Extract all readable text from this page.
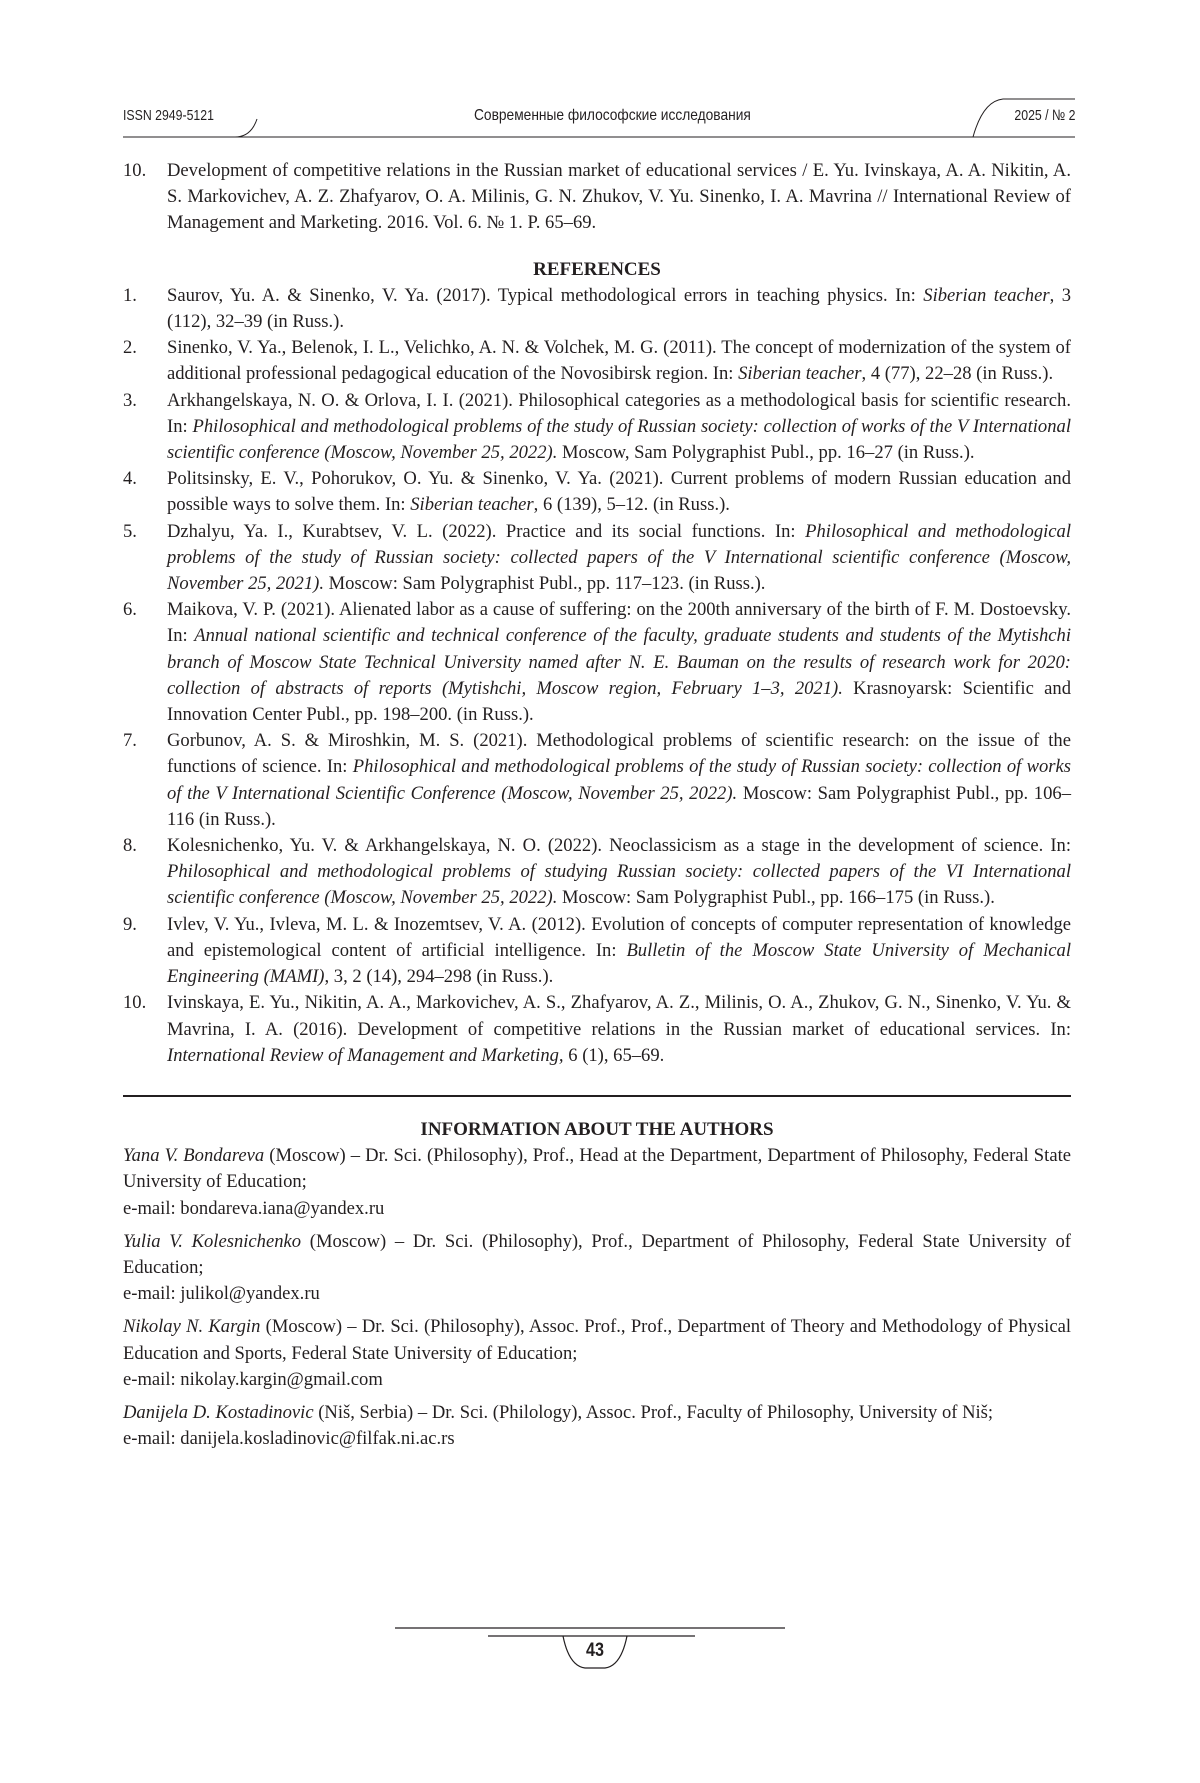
ISSN 2949-5121	Современные философские исследования	2025 / № 2
10. Development of competitive relations in the Russian market of educational services / E. Yu. Ivinskaya, A. A. Nikitin, A. S. Markovichev, A. Z. Zhafyarov, O. A. Milinis, G. N. Zhukov, V. Yu. Sinenko, I. A. Mavrina // International Review of Management and Marketing. 2016. Vol. 6. № 1. P. 65–69.
REFERENCES
1. Saurov, Yu. A. & Sinenko, V. Ya. (2017). Typical methodological errors in teaching physics. In: Siberian teacher, 3 (112), 32–39 (in Russ.).
2. Sinenko, V. Ya., Belenok, I. L., Velichko, A. N. & Volchek, M. G. (2011). The concept of modernization of the system of additional professional pedagogical education of the Novosibirsk region. In: Siberian teacher, 4 (77), 22–28 (in Russ.).
3. Arkhangelskaya, N. O. & Orlova, I. I. (2021). Philosophical categories as a methodological basis for scientific research. In: Philosophical and methodological problems of the study of Russian society: collection of works of the V International scientific conference (Moscow, November 25, 2022). Moscow, Sam Polygraphist Publ., pp. 16–27 (in Russ.).
4. Politsinsky, E. V., Pohorukov, O. Yu. & Sinenko, V. Ya. (2021). Current problems of modern Russian education and possible ways to solve them. In: Siberian teacher, 6 (139), 5–12. (in Russ.).
5. Dzhalyu, Ya. I., Kurabtsev, V. L. (2022). Practice and its social functions. In: Philosophical and methodological problems of the study of Russian society: collected papers of the V International scientific conference (Moscow, November 25, 2021). Moscow: Sam Polygraphist Publ., pp. 117–123. (in Russ.).
6. Maikova, V. P. (2021). Alienated labor as a cause of suffering: on the 200th anniversary of the birth of F. M. Dostoevsky. In: Annual national scientific and technical conference of the faculty, graduate students and students of the Mytishchi branch of Moscow State Technical University named after N. E. Bauman on the results of research work for 2020: collection of abstracts of reports (Mytishchi, Moscow region, February 1–3, 2021). Krasnoyarsk: Scientific and Innovation Center Publ., pp. 198–200. (in Russ.).
7. Gorbunov, A. S. & Miroshkin, M. S. (2021). Methodological problems of scientific research: on the issue of the functions of science. In: Philosophical and methodological problems of the study of Russian society: collection of works of the V International Scientific Conference (Moscow, November 25, 2022). Moscow: Sam Polygraphist Publ., pp. 106–116 (in Russ.).
8. Kolesnichenko, Yu. V. & Arkhangelskaya, N. O. (2022). Neoclassicism as a stage in the development of science. In: Philosophical and methodological problems of studying Russian society: collected papers of the VI International scientific conference (Moscow, November 25, 2022). Moscow: Sam Polygraphist Publ., pp. 166–175 (in Russ.).
9. Ivlev, V. Yu., Ivleva, M. L. & Inozemtsev, V. A. (2012). Evolution of concepts of computer representation of knowledge and epistemological content of artificial intelligence. In: Bulletin of the Moscow State University of Mechanical Engineering (MAMI), 3, 2 (14), 294–298 (in Russ.).
10. Ivinskaya, E. Yu., Nikitin, A. A., Markovichev, A. S., Zhafyarov, A. Z., Milinis, O. A., Zhukov, G. N., Sinenko, V. Yu. & Mavrina, I. A. (2016). Development of competitive relations in the Russian market of educational services. In: International Review of Management and Marketing, 6 (1), 65–69.
INFORMATION ABOUT THE AUTHORS

Yana V. Bondareva (Moscow) – Dr. Sci. (Philosophy), Prof., Head at the Department, Department of Philosophy, Federal State University of Education;
e-mail: bondareva.iana@yandex.ru

Yulia V. Kolesnichenko (Moscow) – Dr. Sci. (Philosophy), Prof., Department of Philosophy, Federal State University of Education;
e-mail: julikol@yandex.ru

Nikolay N. Kargin (Moscow) – Dr. Sci. (Philosophy), Assoc. Prof., Prof., Department of Theory and Methodology of Physical Education and Sports, Federal State University of Education;
e-mail: nikolay.kargin@gmail.com

Danijela D. Kostadinovic (Niš, Serbia) – Dr. Sci. (Philology), Assoc. Prof., Faculty of Philosophy, University of Niš;
e-mail: danijela.kosladinovic@filfak.ni.ac.rs

43
